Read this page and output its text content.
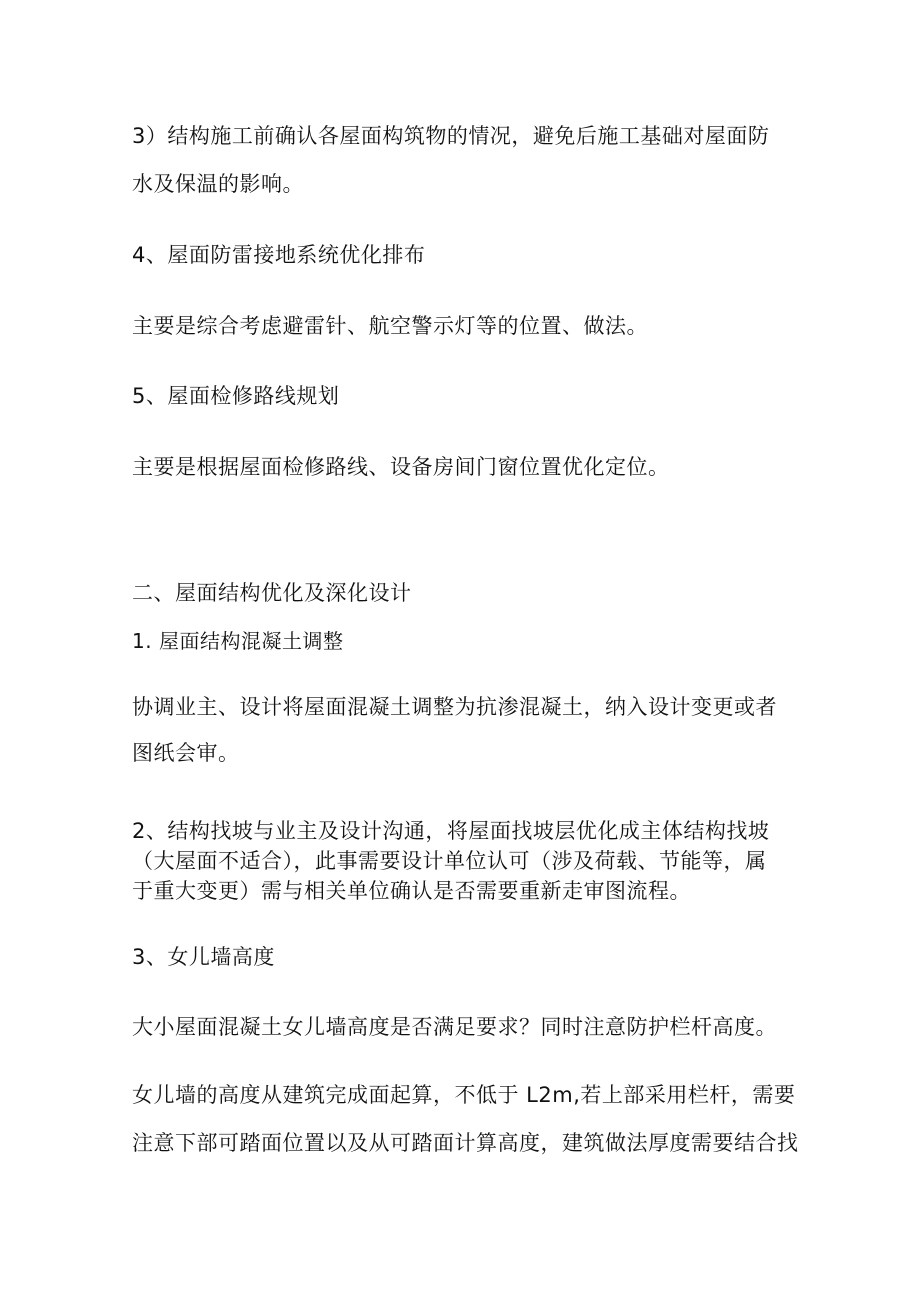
3）结构施工前确认各屋面构筑物的情况，避免后施工基础对屋面防
水及保温的影响。
4、屋面防雷接地系统优化排布
主要是综合考虑避雷针、航空警示灯等的位置、做法。
5、屋面检修路线规划
主要是根据屋面检修路线、设备房间门窗位置优化定位。
二、屋面结构优化及深化设计
1. 屋面结构混凝土调整
协调业主、设计将屋面混凝土调整为抗渗混凝土，纳入设计变更或者
图纸会审。
2、结构找坡与业主及设计沟通，将屋面找坡层优化成主体结构找坡
（大屋面不适合），此事需要设计单位认可（涉及荷载、节能等，属
于重大变更）需与相关单位确认是否需要重新走审图流程。
3、女儿墙高度
大小屋面混凝土女儿墙高度是否满足要求？同时注意防护栏杆高度。
女儿墙的高度从建筑完成面起算，不低于 L2m,若上部采用栏杆，需要
注意下部可踏面位置以及从可踏面计算高度，建筑做法厚度需要结合找
